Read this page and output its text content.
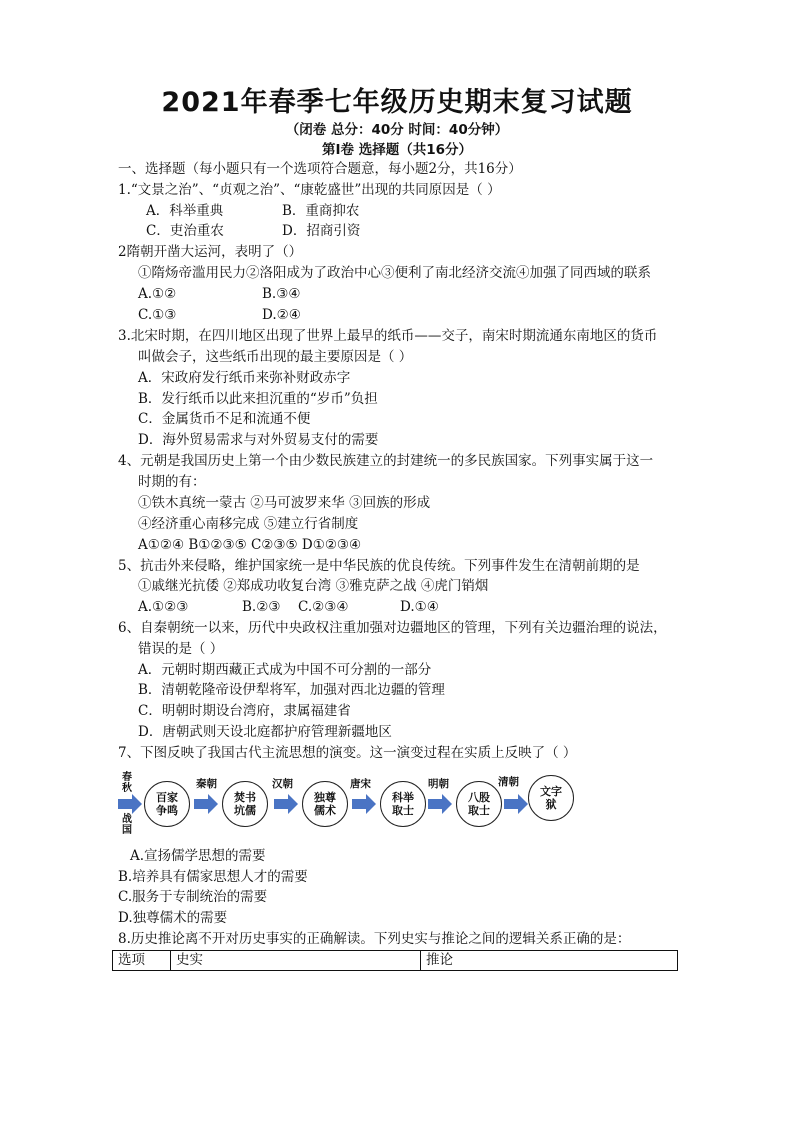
2021年春季七年级历史期末复习试题
（闭卷 总分：40分 时间：40分钟）
第Ⅰ卷 选择题（共16分）
一、选择题（每小题只有一个选项符合题意，每小题2分，共16分）
1.“文景之治”、“贞观之治”、“康乾盛世”出现的共同原因是（ ）
A．科举重典	B．重商抑农
C．吏治重农	D．招商引资
2隋朝开凿大运河，表明了（）
①隋炀帝滥用民力②洛阳成为了政治中心③便利了南北经济交流④加强了同西域的联系
A.①②	B.③④
C.①③	D.②④
3.北宋时期，在四川地区出现了世界上最早的纸币——交子，南宋时期流通东南地区的货币
叫做会子，这些纸币出现的最主要原因是（ ）
A．宋政府发行纸币来弥补财政赤字
B．发行纸币以此来担沉重的“岁币”负担
C．金属货币不足和流通不便
D．海外贸易需求与对外贸易支付的需要
4、元朝是我国历史上第一个由少数民族建立的封建统一的多民族国家。下列事实属于这一
时期的有：
①铁木真统一蒙古 ②马可波罗来华 ③回族的形成
④经济重心南移完成 ⑤建立行省制度
A①②④ B①②③⑤ C②③⑤ D①②③④
5、抗击外来侵略，维护国家统一是中华民族的优良传统。下列事件发生在清朝前期的是
①戚继光抗倭 ②郑成功收复台湾 ③雅克萨之战 ④虎门销烟
A.①②③	B.②③ C.②③④	D.①④
6、自秦朝统一以来，历代中央政权注重加强对边疆地区的管理，下列有关边疆治理的说法，
错误的是（ ）
A．元朝时期西藏正式成为中国不可分割的一部分
B．清朝乾隆帝设伊犁将军，加强对西北边疆的管理
C．明朝时期设台湾府，隶属福建省
D．唐朝武则天设北庭都护府管理新疆地区
7、下图反映了我国古代主流思想的演变。这一演变过程在实质上反映了（ ）
春秋
战国
百家
争鸣
秦朝
焚书
坑儒
汉朝
独尊
儒术
唐宋
科举
取士
明朝
八股
取士
清朝
文字
狱
A.宣扬儒学思想的需要
B.培养具有儒家思想人才的需要
C.服务于专制统治的需要
D.独尊儒术的需要
8.历史推论离不开对历史事实的正确解读。下列史实与推论之间的逻辑关系正确的是：
选项	史实	推论
